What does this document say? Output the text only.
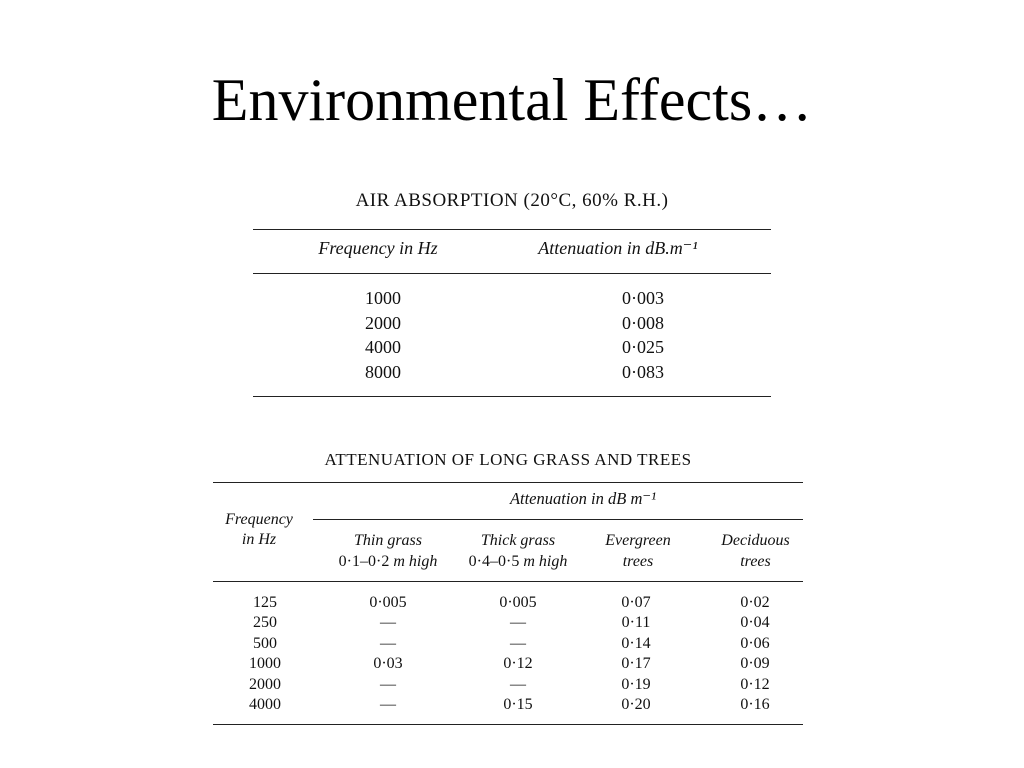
Environmental Effects…
AIR ABSORPTION (20°C, 60% R.H.)
Frequency in Hz	Attenuation in dB.m⁻¹
1000
2000
4000
8000
0·003
0·008
0·025
0·083
ATTENUATION OF LONG GRASS AND TREES
Attenuation in dB m⁻¹
Frequency
in Hz	Thin grass
0·1–0·2 m high
Thick grass
0·4–0·5 m high
Evergreen
trees
Deciduous
trees
125
250
500
1000
2000
4000
0·005
—
—
0·03
—
—
0·005
—
—
0·12
—
0·15
0·07
0·11
0·14
0·17
0·19
0·20
0·02
0·04
0·06
0·09
0·12
0·16
